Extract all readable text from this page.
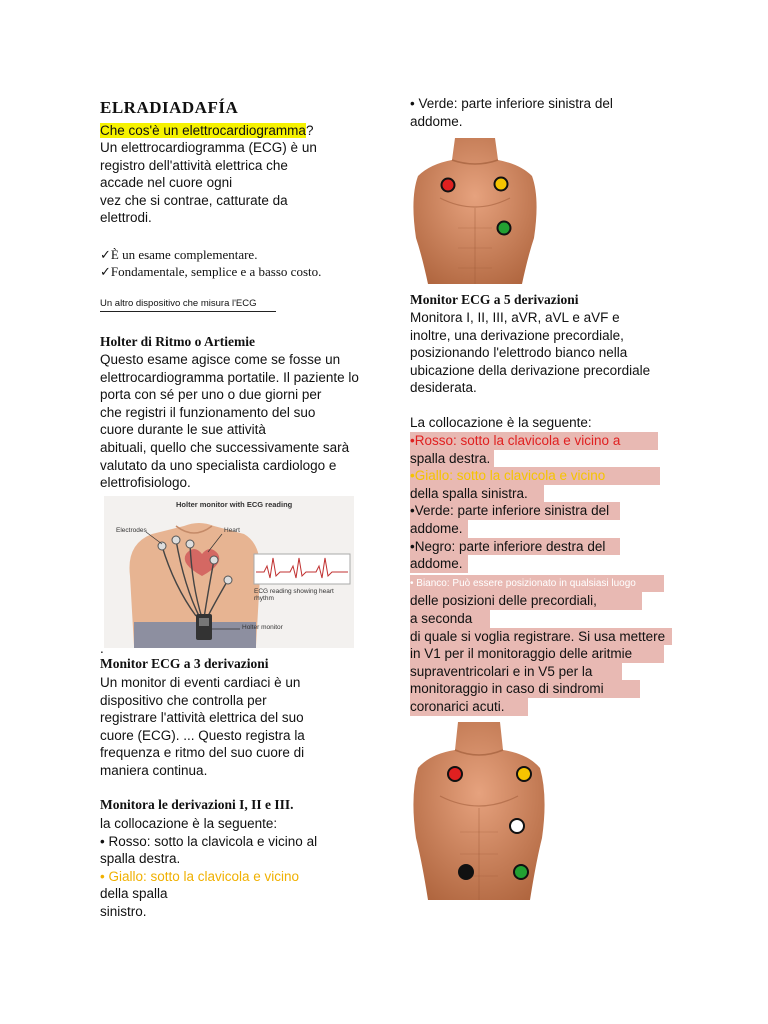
ELRADIADAFÍA
Che cos'è un elettrocardiogramma?
Un elettrocardiogramma (ECG) è un
registro dell'attività elettrica che
accade nel cuore ogni
vez che si contrae, catturate da
elettrodi.
✓È un esame complementare.
✓Fondamentale, semplice e a basso costo.
Un altro dispositivo che misura l'ECG
Holter di Ritmo o Artiemie
Questo esame agisce come se fosse un
elettrocardiogramma portatile. Il paziente lo
porta con sé per uno o due giorni per
che registri il funzionamento del suo
cuore durante le sue attività
abituali, quello che successivamente sarà
valutato da uno specialista cardiologo e
elettrofisiologo.
Holter monitor with ECG reading
Electrodes	Heart
ECG reading showing heart rhythm
Holter monitor
.
Monitor ECG a 3 derivazioni
Un monitor di eventi cardiaci è un
dispositivo che controlla per
registrare l'attività elettrica del suo
cuore (ECG). ... Questo registra la
frequenza e ritmo del suo cuore di
maniera continua.
Monitora le derivazioni I, II e III.
la collocazione è la seguente:
• Rosso: sotto la clavicola e vicino al
spalla destra.
• Giallo: sotto la clavicola e vicino
della spalla
sinistro.
• Verde: parte inferiore sinistra del
addome.
Monitor ECG a 5 derivazioni
Monitora I, II, III, aVR, aVL e aVF e
inoltre, una derivazione precordiale,
posizionando l'elettrodo bianco nella
ubicazione della derivazione precordiale
desiderata.
La collocazione è la seguente:
•Rosso: sotto la clavicola e vicino a
spalla destra.
•Giallo: sotto la clavicola e vicino
della spalla sinistra.
•Verde: parte inferiore sinistra del
addome.
•Negro: parte inferiore destra del
addome.
• Bianco: Può essere posizionato in qualsiasi luogo
delle posizioni delle precordiali,
a seconda
di quale si voglia registrare. Si usa mettere
in V1 per il monitoraggio delle aritmie
supraventricolari e in V5 per la
monitoraggio in caso di sindromi
coronarici acuti.
